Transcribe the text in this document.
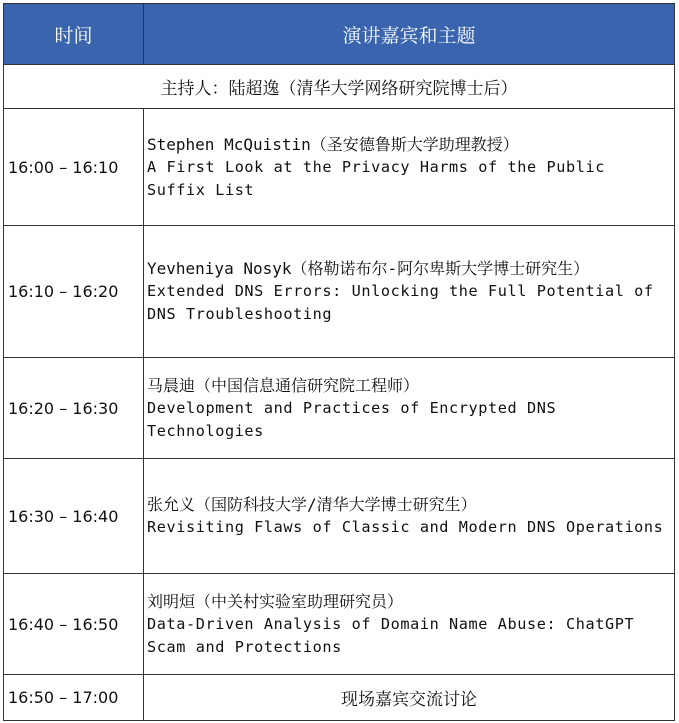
时间	演讲嘉宾和主题
主持人：陆超逸（清华大学网络研究院博士后）	
16:00 – 16:10	Stephen McQuistin（圣安德鲁斯大学助理教授）
A First Look at the Privacy Harms of the Public Suffix List

16:10 – 16:20	Yevheniya Nosyk（格勒诺布尔-阿尔卑斯大学博士研究生）
Extended DNS Errors: Unlocking the Full Potential of DNS Troubleshooting

16:20 – 16:30	马晨迪（中国信息通信研究院工程师）
Development and Practices of Encrypted DNS Technologies

16:30 – 16:40	张允义（国防科技大学/清华大学博士研究生）
Revisiting Flaws of Classic and Modern DNS Operations

16:40 – 16:50	刘明烜（中关村实验室助理研究员）
Data-Driven Analysis of Domain Name Abuse: ChatGPT Scam and Protections

16:50 – 17:00	现场嘉宾交流讨论
